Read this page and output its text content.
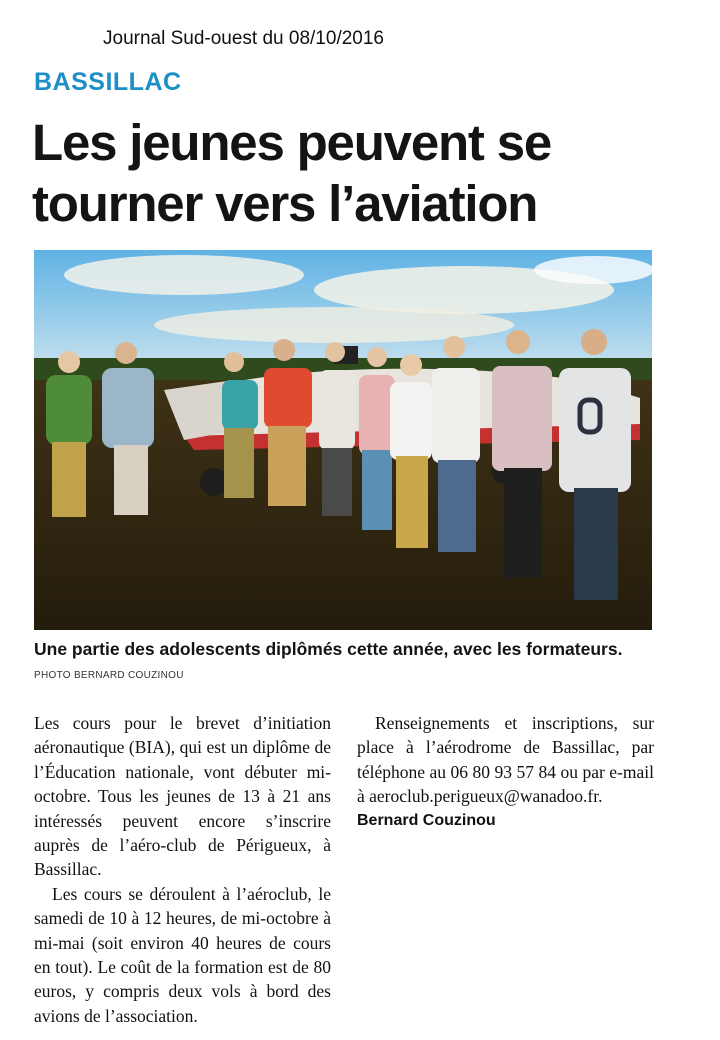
Journal Sud-ouest du 08/10/2016
BASSILLAC
Les jeunes peuvent se tourner vers l’aviation
Une partie des adolescents diplômés cette année, avec les formateurs. PHOTO BERNARD COUZINOU

Les cours pour le brevet d’initiation aéronautique (BIA), qui est un diplôme de l’Éducation nationale, vont débuter mi-octobre. Tous les jeunes de 13 à 21 ans intéressés peuvent encore s’inscrire auprès de l’aéro-club de Périgueux, à Bassillac.

Les cours se déroulent à l’aéroclub, le samedi de 10 à 12 heures, de mi-octobre à mi-mai (soit environ 40 heures de cours en tout). Le coût de la formation est de 80 euros, y compris deux vols à bord des avions de l’association.

Renseignements et inscriptions, sur place à l’aérodrome de Bassillac, par téléphone au 06 80 93 57 84 ou par e-mail à aeroclub.perigueux@wanadoo.fr.

Bernard Couzinou
